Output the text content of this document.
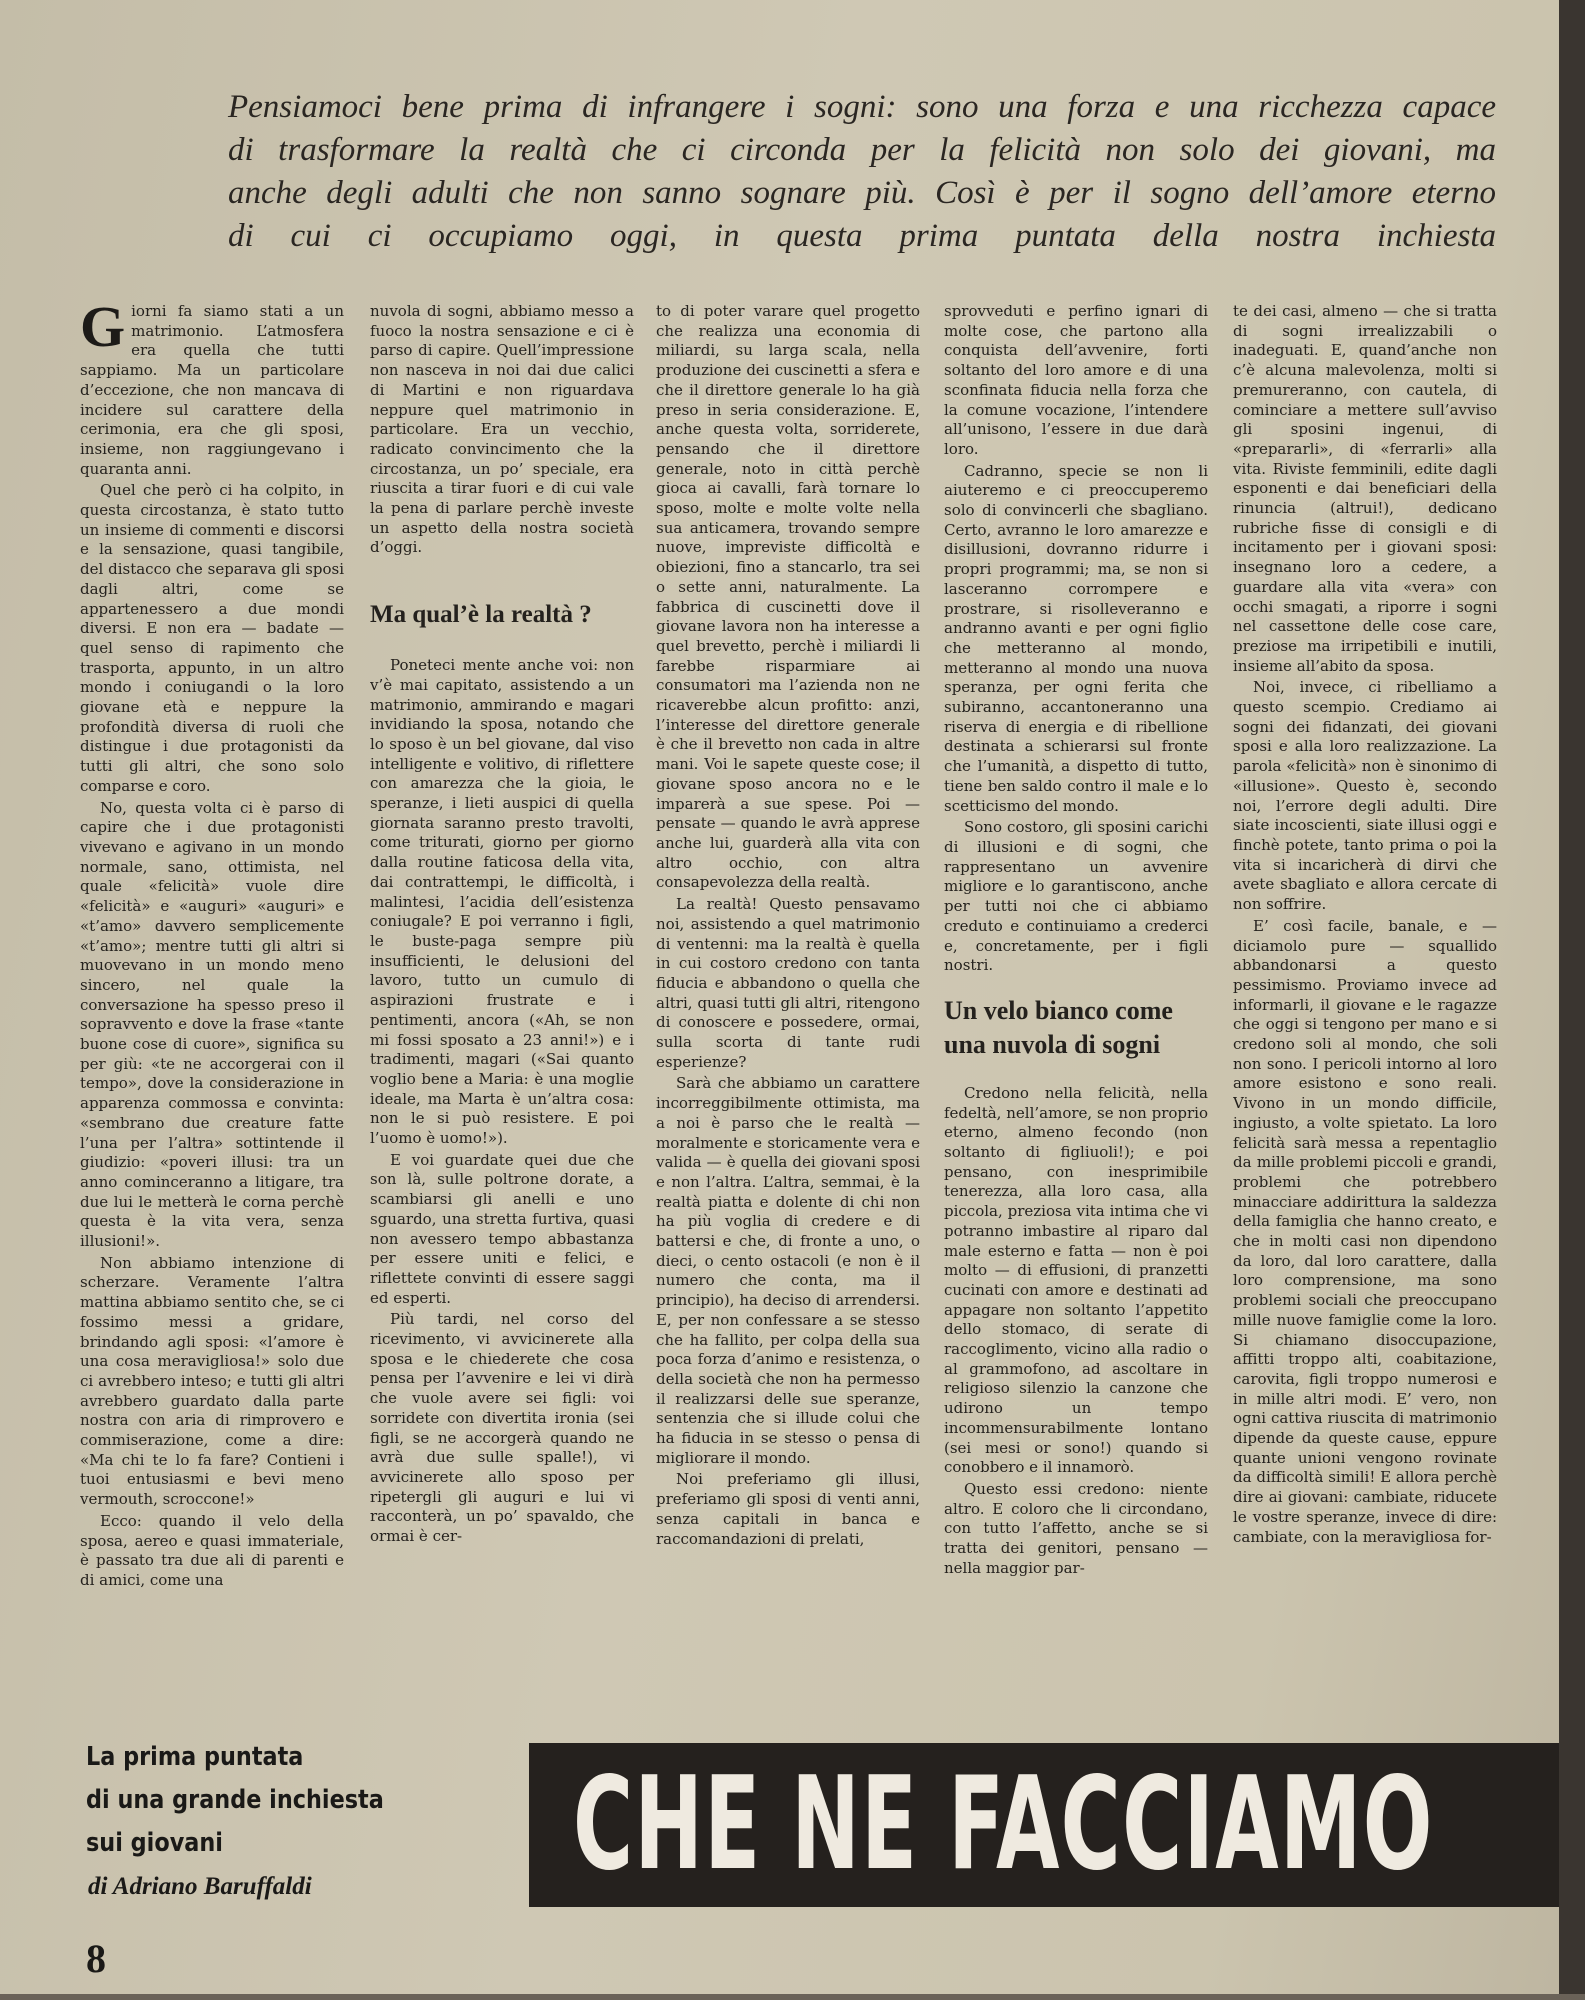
Pensiamoci bene prima di infrangere i sogni: sono una forza e una ricchezza capace

di trasformare la realtà che ci circonda per la felicità non solo dei giovani, ma

anche degli adulti che non sanno sognare più. Così è per il sogno dell’amore eterno

di cui ci occupiamo oggi, in questa prima puntata della nostra inchiesta

Giorni fa siamo stati a un matrimonio. L’atmosfera era quella che tutti sappiamo. Ma un particolare d’eccezione, che non mancava di incidere sul carattere della cerimonia, era che gli sposi, insieme, non raggiungevano i quaranta anni.

Quel che però ci ha colpito, in questa circostanza, è stato tutto un insieme di commenti e discorsi e la sensazione, quasi tangibile, del distacco che separava gli sposi dagli altri, come se appartenessero a due mondi diversi. E non era — badate — quel senso di rapimento che trasporta, appunto, in un altro mondo i coniugandi o la loro giovane età e neppure la profondità diversa di ruoli che distingue i due protagonisti da tutti gli altri, che sono solo comparse e coro.

No, questa volta ci è parso di capire che i due protagonisti vivevano e agivano in un mondo normale, sano, ottimista, nel quale «felicità» vuole dire «felicità» e «auguri» «auguri» e «t’amo» davvero semplicemente «t’amo»; mentre tutti gli altri si muovevano in un mondo meno sincero, nel quale la conversazione ha spesso preso il sopravvento e dove la frase «tante buone cose di cuore», significa su per giù: «te ne accorgerai con il tempo», dove la considerazione in apparenza commossa e convinta: «sembrano due creature fatte l’una per l’altra» sottintende il giudizio: «poveri illusi: tra un anno cominceranno a litigare, tra due lui le metterà le corna perchè questa è la vita vera, senza illusioni!».

Non abbiamo intenzione di scherzare. Veramente l’altra mattina abbiamo sentito che, se ci fossimo messi a gridare, brindando agli sposi: «l’amore è una cosa meravigliosa!» solo due ci avrebbero inteso; e tutti gli altri avrebbero guardato dalla parte nostra con aria di rimprovero e commiserazione, come a dire: «Ma chi te lo fa fare? Contieni i tuoi entusiasmi e bevi meno vermouth, scroccone!»

Ecco: quando il velo della sposa, aereo e quasi immateriale, è passato tra due ali di parenti e di amici, come una

nuvola di sogni, abbiamo messo a fuoco la nostra sensazione e ci è parso di capire. Quell’impressione non nasceva in noi dai due calici di Martini e non riguardava neppure quel matrimonio in particolare. Era un vecchio, radicato convincimento che la circostanza, un po’ speciale, era riuscita a tirar fuori e di cui vale la pena di parlare perchè investe un aspetto della nostra società d’oggi.

Ma qual’è la realtà ?

Poneteci mente anche voi: non v’è mai capitato, assistendo a un matrimonio, ammirando e magari invidiando la sposa, notando che lo sposo è un bel giovane, dal viso intelligente e volitivo, di riflettere con amarezza che la gioia, le speranze, i lieti auspici di quella giornata saranno presto travolti, come triturati, giorno per giorno dalla routine faticosa della vita, dai contrattempi, le difficoltà, i malintesi, l’acidia dell’esistenza coniugale? E poi verranno i figli, le buste-paga sempre più insufficienti, le delusioni del lavoro, tutto un cumulo di aspirazioni frustrate e i pentimenti, ancora («Ah, se non mi fossi sposato a 23 anni!») e i tradimenti, magari («Sai quanto voglio bene a Maria: è una moglie ideale, ma Marta è un’altra cosa: non le si può resistere. E poi l’uomo è uomo!»).

E voi guardate quei due che son là, sulle poltrone dorate, a scambiarsi gli anelli e uno sguardo, una stretta furtiva, quasi non avessero tempo abbastanza per essere uniti e felici, e riflettete convinti di essere saggi ed esperti.

Più tardi, nel corso del ricevimento, vi avvicinerete alla sposa e le chiederete che cosa pensa per l’avvenire e lei vi dirà che vuole avere sei figli: voi sorridete con divertita ironia (sei figli, se ne accorgerà quando ne avrà due sulle spalle!), vi avvicinerete allo sposo per ripetergli gli auguri e lui vi racconterà, un po’ spavaldo, che ormai è cer-

to di poter varare quel progetto che realizza una economia di miliardi, su larga scala, nella produzione dei cuscinetti a sfera e che il direttore generale lo ha già preso in seria considerazione. E, anche questa volta, sorriderete, pensando che il direttore generale, noto in città perchè gioca ai cavalli, farà tornare lo sposo, molte e molte volte nella sua anticamera, trovando sempre nuove, impreviste difficoltà e obiezioni, fino a stancarlo, tra sei o sette anni, naturalmente. La fabbrica di cuscinetti dove il giovane lavora non ha interesse a quel brevetto, perchè i miliardi li farebbe risparmiare ai consumatori ma l’azienda non ne ricaverebbe alcun profitto: anzi, l’interesse del direttore generale è che il brevetto non cada in altre mani. Voi le sapete queste cose; il giovane sposo ancora no e le imparerà a sue spese. Poi — pensate — quando le avrà apprese anche lui, guarderà alla vita con altro occhio, con altra consapevolezza della realtà.

La realtà! Questo pensavamo noi, assistendo a quel matrimonio di ventenni: ma la realtà è quella in cui costoro credono con tanta fiducia e abbandono o quella che altri, quasi tutti gli altri, ritengono di conoscere e possedere, ormai, sulla scorta di tante rudi esperienze?

Sarà che abbiamo un carattere incorreggibilmente ottimista, ma a noi è parso che le realtà — moralmente e storicamente vera e valida — è quella dei giovani sposi e non l’altra. L’altra, semmai, è la realtà piatta e dolente di chi non ha più voglia di credere e di battersi e che, di fronte a uno, o dieci, o cento ostacoli (e non è il numero che conta, ma il principio), ha deciso di arrendersi. E, per non confessare a se stesso che ha fallito, per colpa della sua poca forza d’animo e resistenza, o della società che non ha permesso il realizzarsi delle sue speranze, sentenzia che si illude colui che ha fiducia in se stesso o pensa di migliorare il mondo.

Noi preferiamo gli illusi, preferiamo gli sposi di venti anni, senza capitali in banca e raccomandazioni di prelati,

sprovveduti e perfino ignari di molte cose, che partono alla conquista dell’avvenire, forti soltanto del loro amore e di una sconfinata fiducia nella forza che la comune vocazione, l’intendere all’unisono, l’essere in due darà loro.

Cadranno, specie se non li aiuteremo e ci preoccuperemo solo di convincerli che sbagliano. Certo, avranno le loro amarezze e disillusioni, dovranno ridurre i propri programmi; ma, se non si lasceranno corrompere e prostrare, si risolleveranno e andranno avanti e per ogni figlio che metteranno al mondo, metteranno al mondo una nuova speranza, per ogni ferita che subiranno, accantoneranno una riserva di energia e di ribellione destinata a schierarsi sul fronte che l’umanità, a dispetto di tutto, tiene ben saldo contro il male e lo scetticismo del mondo.

Sono costoro, gli sposini carichi di illusioni e di sogni, che rappresentano un avvenire migliore e lo garantiscono, anche per tutti noi che ci abbiamo creduto e continuiamo a crederci e, concretamente, per i figli nostri.

Un velo bianco come una nuvola di sogni

Credono nella felicità, nella fedeltà, nell’amore, se non proprio eterno, almeno fecondo (non soltanto di figliuoli!); e poi pensano, con inesprimibile tenerezza, alla loro casa, alla piccola, preziosa vita intima che vi potranno imbastire al riparo dal male esterno e fatta — non è poi molto — di effusioni, di pranzetti cucinati con amore e destinati ad appagare non soltanto l’appetito dello stomaco, di serate di raccoglimento, vicino alla radio o al grammofono, ad ascoltare in religioso silenzio la canzone che udirono un tempo incommensurabilmente lontano (sei mesi or sono!) quando si conobbero e il innamorò.

Questo essi credono: niente altro. E coloro che li circondano, con tutto l’affetto, anche se si tratta dei genitori, pensano — nella maggior par-

te dei casi, almeno — che si tratta di sogni irrealizzabili o inadeguati. E, quand’anche non c’è alcuna malevolenza, molti si premureranno, con cautela, di cominciare a mettere sull’avviso gli sposini ingenui, di «prepararli», di «ferrarli» alla vita. Riviste femminili, edite dagli esponenti e dai beneficiari della rinuncia (altrui!), dedicano rubriche fisse di consigli e di incitamento per i giovani sposi: insegnano loro a cedere, a guardare alla vita «vera» con occhi smagati, a riporre i sogni nel cassettone delle cose care, preziose ma irripetibili e inutili, insieme all’abito da sposa.

Noi, invece, ci ribelliamo a questo scempio. Crediamo ai sogni dei fidanzati, dei giovani sposi e alla loro realizzazione. La parola «felicità» non è sinonimo di «illusione». Questo è, secondo noi, l’errore degli adulti. Dire siate incoscienti, siate illusi oggi e finchè potete, tanto prima o poi la vita si incaricherà di dirvi che avete sbagliato e allora cercate di non soffrire.

E’ così facile, banale, e — diciamolo pure — squallido abbandonarsi a questo pessimismo. Proviamo invece ad informarli, il giovane e le ragazze che oggi si tengono per mano e si credono soli al mondo, che soli non sono. I pericoli intorno al loro amore esistono e sono reali. Vivono in un mondo difficile, ingiusto, a volte spietato. La loro felicità sarà messa a repentaglio da mille problemi piccoli e grandi, problemi che potrebbero minacciare addirittura la saldezza della famiglia che hanno creato, e che in molti casi non dipendono da loro, dal loro carattere, dalla loro comprensione, ma sono problemi sociali che preoccupano mille nuove famiglie come la loro. Si chiamano disoccupazione, affitti troppo alti, coabitazione, carovita, figli troppo numerosi e in mille altri modi. E’ vero, non ogni cattiva riuscita di matrimonio dipende da queste cause, eppure quante unioni vengono rovinate da difficoltà simili! E allora perchè dire ai giovani: cambiate, riducete le vostre speranze, invece di dire: cambiate, con la meravigliosa for-

La prima puntata
di una grande inchiesta
sui giovani
di Adriano Baruffaldi CHE NE FACCIAMO
8
